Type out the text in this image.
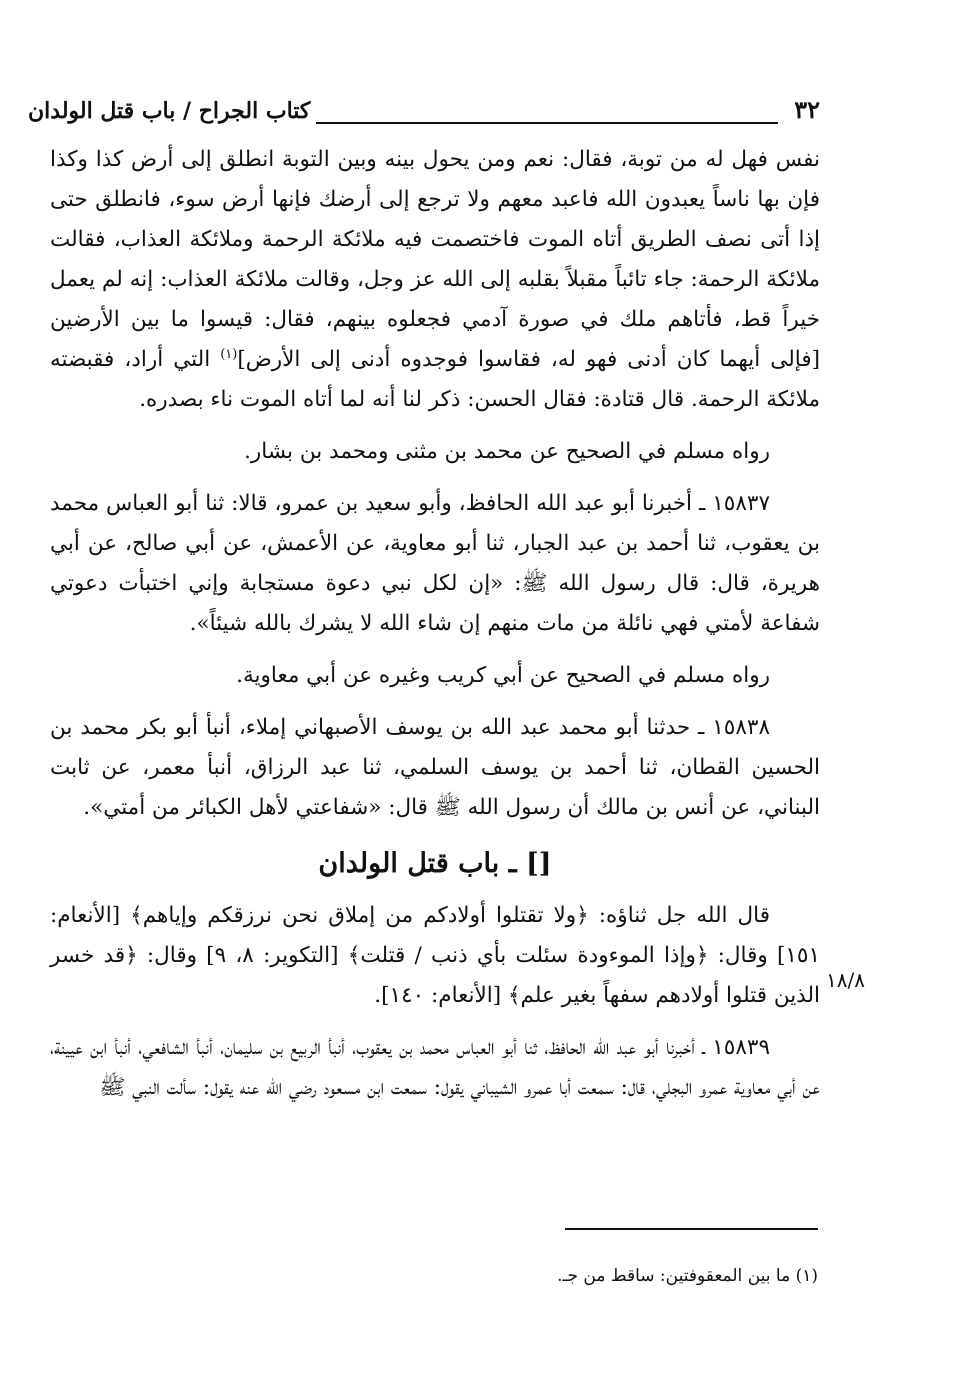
٣٢
كتاب الجراح / باب قتل الولدان

نفس فهل له من توبة، فقال: نعم ومن يحول بينه وبين التوبة انطلق إلى أرض كذا وكذا فإن بها ناساً يعبدون الله فاعبد معهم ولا ترجع إلى أرضك فإنها أرض سوء، فانطلق حتى إذا أتى نصف الطريق أتاه الموت فاختصمت فيه ملائكة الرحمة وملائكة العذاب، فقالت ملائكة الرحمة: جاء تائباً مقبلاً بقلبه إلى الله عز وجل، وقالت ملائكة العذاب: إنه لم يعمل خيراً قط، فأتاهم ملك في صورة آدمي فجعلوه بينهم، فقال: قيسوا ما بين الأرضين [فإلى أيهما كان أدنى فهو له، فقاسوا فوجدوه أدنى إلى الأرض]$^{(١)}$ التي أراد، فقبضته ملائكة الرحمة. قال قتادة: فقال الحسن: ذكر لنا أنه لما أتاه الموت ناء بصدره.

رواه مسلم في الصحيح عن محمد بن مثنى ومحمد بن بشار.

١٥٨٣٧ ـ أخبرنا أبو عبد الله الحافظ، وأبو سعيد بن عمرو، قالا: ثنا أبو العباس محمد بن يعقوب، ثنا أحمد بن عبد الجبار، ثنا أبو معاوية، عن الأعمش، عن أبي صالح، عن أبي هريرة، قال: قال رسول الله ﷺ: «إن لكل نبي دعوة مستجابة وإني اختبأت دعوتي شفاعة لأمتي فهي نائلة من مات منهم إن شاء الله لا يشرك بالله شيئاً».

رواه مسلم في الصحيح عن أبي كريب وغيره عن أبي معاوية.

١٥٨٣٨ ـ حدثنا أبو محمد عبد الله بن يوسف الأصبهاني إملاء، أنبأ أبو بكر محمد بن الحسين القطان، ثنا أحمد بن يوسف السلمي، ثنا عبد الرزاق، أنبأ معمر، عن ثابت البناني، عن أنس بن مالك أن رسول الله ﷺ قال: «شفاعتي لأهل الكبائر من أمتي».

[] ـ باب قتل الولدان

قال الله جل ثناؤه: ﴿ولا تقتلوا أولادكم من إملاق نحن نرزقكم وإياهم﴾ [الأنعام: ١٥١] وقال: ﴿وإذا الموءودة سئلت بأي ذنب / قتلت﴾ [التكوير: ٨، ٩] وقال: ﴿قد خسر الذين قتلوا أولادهم سفهاً بغير علم﴾ [الأنعام: ١٤٠].

١٥٨٣٩ ـ أخبرنا أبو عبد الله الحافظ، ثنا أبو العباس محمد بن يعقوب، أنبأ الربيع بن سليمان، أنبأ الشافعي، أنبأ ابن عيينة، عن أبي معاوية عمرو البجلي، قال: سمعت أبا عمرو الشيباني يقول: سمعت ابن مسعود رضي الله عنه يقول: سألت النبي ﷺ

١٨/٨
(١) ما بين المعقوفتين: ساقط من جـ.
